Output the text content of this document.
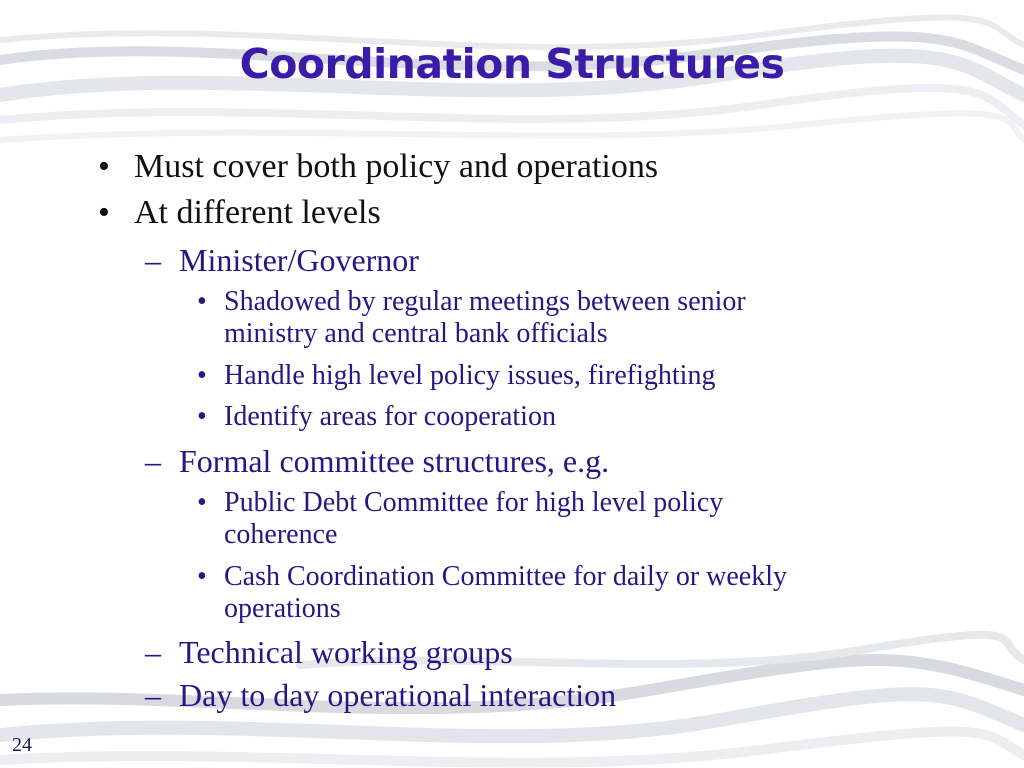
Coordination Structures
• Must cover both policy and operations
• At different levels
– Minister/Governor
• Shadowed by regular meetings between senior
ministry and central bank officials
• Handle high level policy issues, firefighting
• Identify areas for cooperation
– Formal committee structures, e.g.
• Public Debt Committee for high level policy
coherence
• Cash Coordination Committee for daily or weekly
operations
– Technical working groups
– Day to day operational interaction
24
